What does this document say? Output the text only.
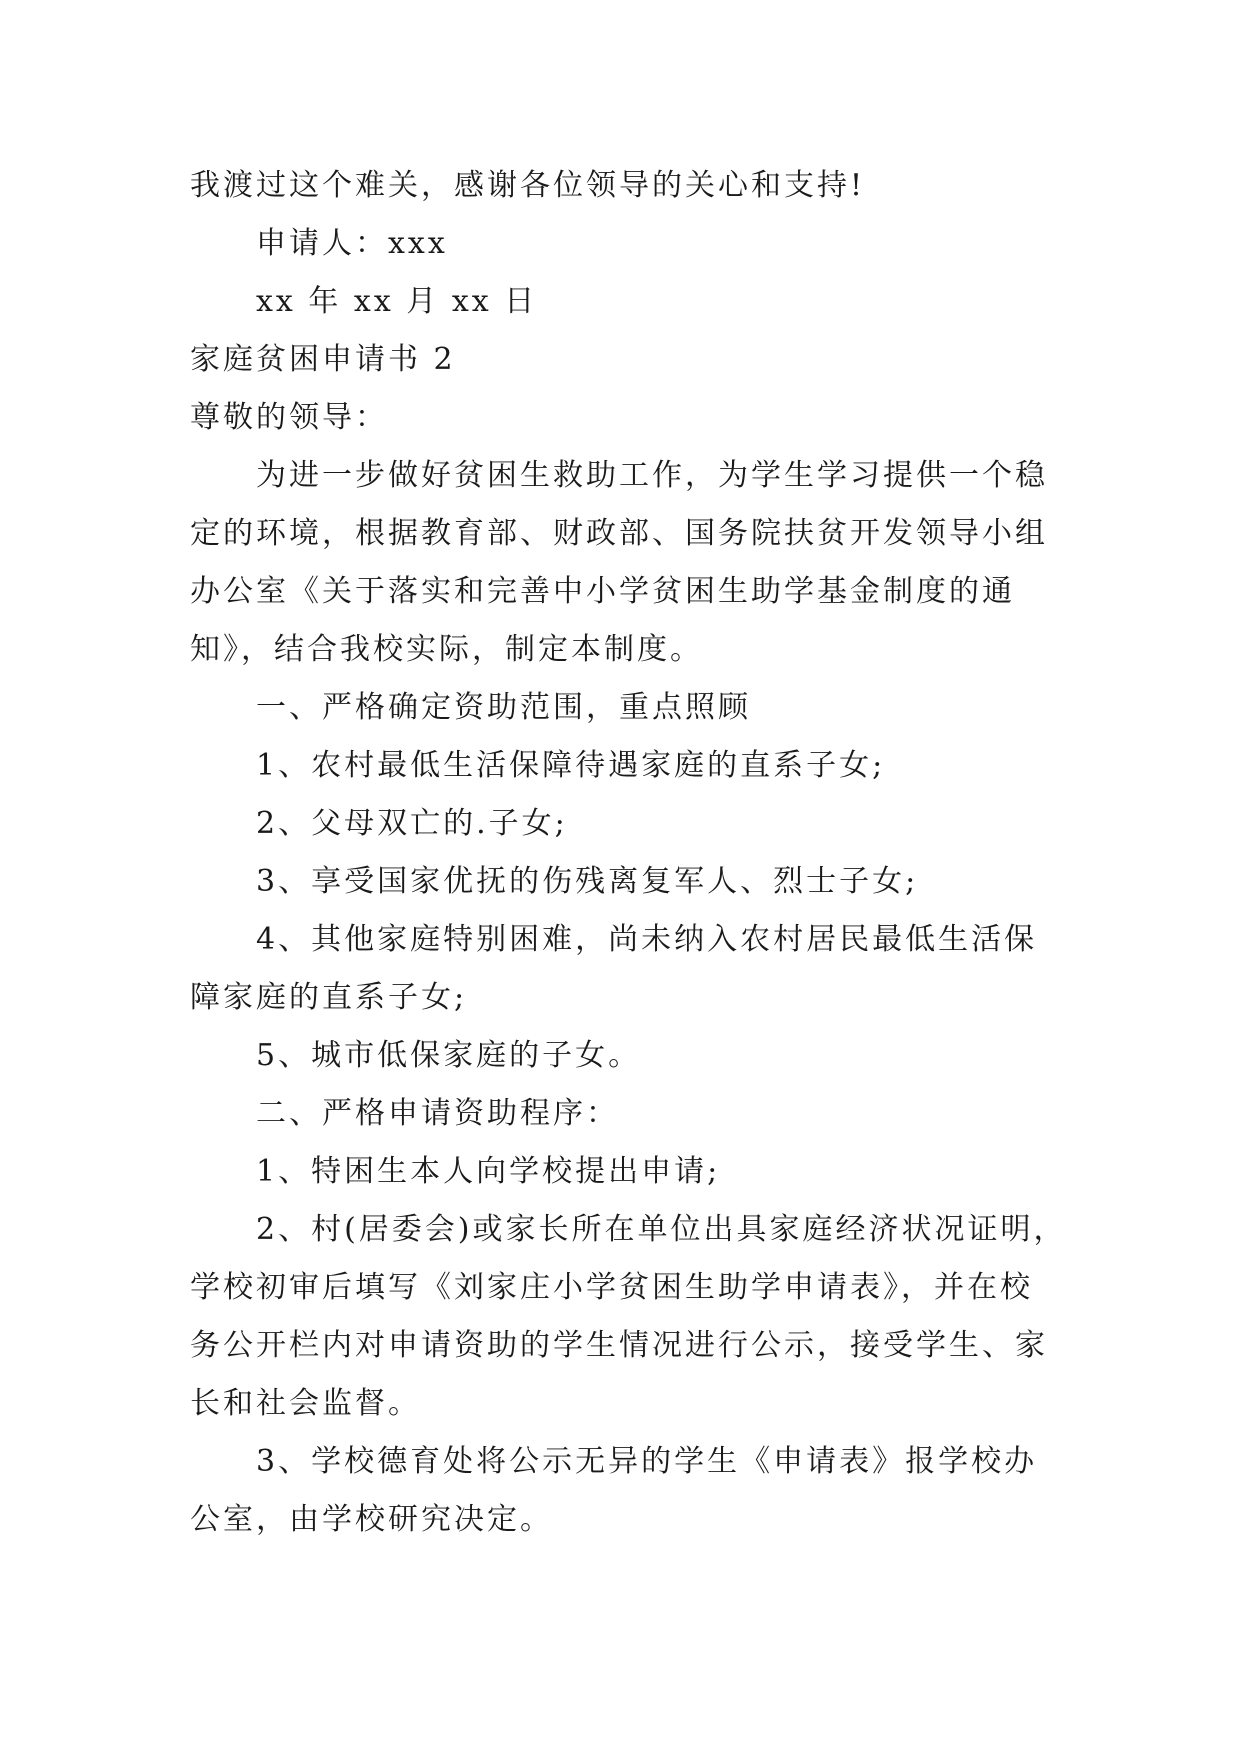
我渡过这个难关，感谢各位领导的关心和支持!
申请人：xxx
xx 年 xx 月 xx 日
家庭贫困申请书 2
尊敬的领导：
为进一步做好贫困生救助工作，为学生学习提供一个稳
定的环境，根据教育部、财政部、国务院扶贫开发领导小组
办公室《关于落实和完善中小学贫困生助学基金制度的通
知》，结合我校实际，制定本制度。
一、严格确定资助范围，重点照顾
1、农村最低生活保障待遇家庭的直系子女;
2、父母双亡的.子女;
3、享受国家优抚的伤残离复军人、烈士子女;
4、其他家庭特别困难，尚未纳入农村居民最低生活保
障家庭的直系子女;
5、城市低保家庭的子女。
二、严格申请资助程序：
1、特困生本人向学校提出申请;
2、村(居委会)或家长所在单位出具家庭经济状况证明，
学校初审后填写《刘家庄小学贫困生助学申请表》，并在校
务公开栏内对申请资助的学生情况进行公示，接受学生、家
长和社会监督。
3、学校德育处将公示无异的学生《申请表》报学校办
公室，由学校研究决定。
